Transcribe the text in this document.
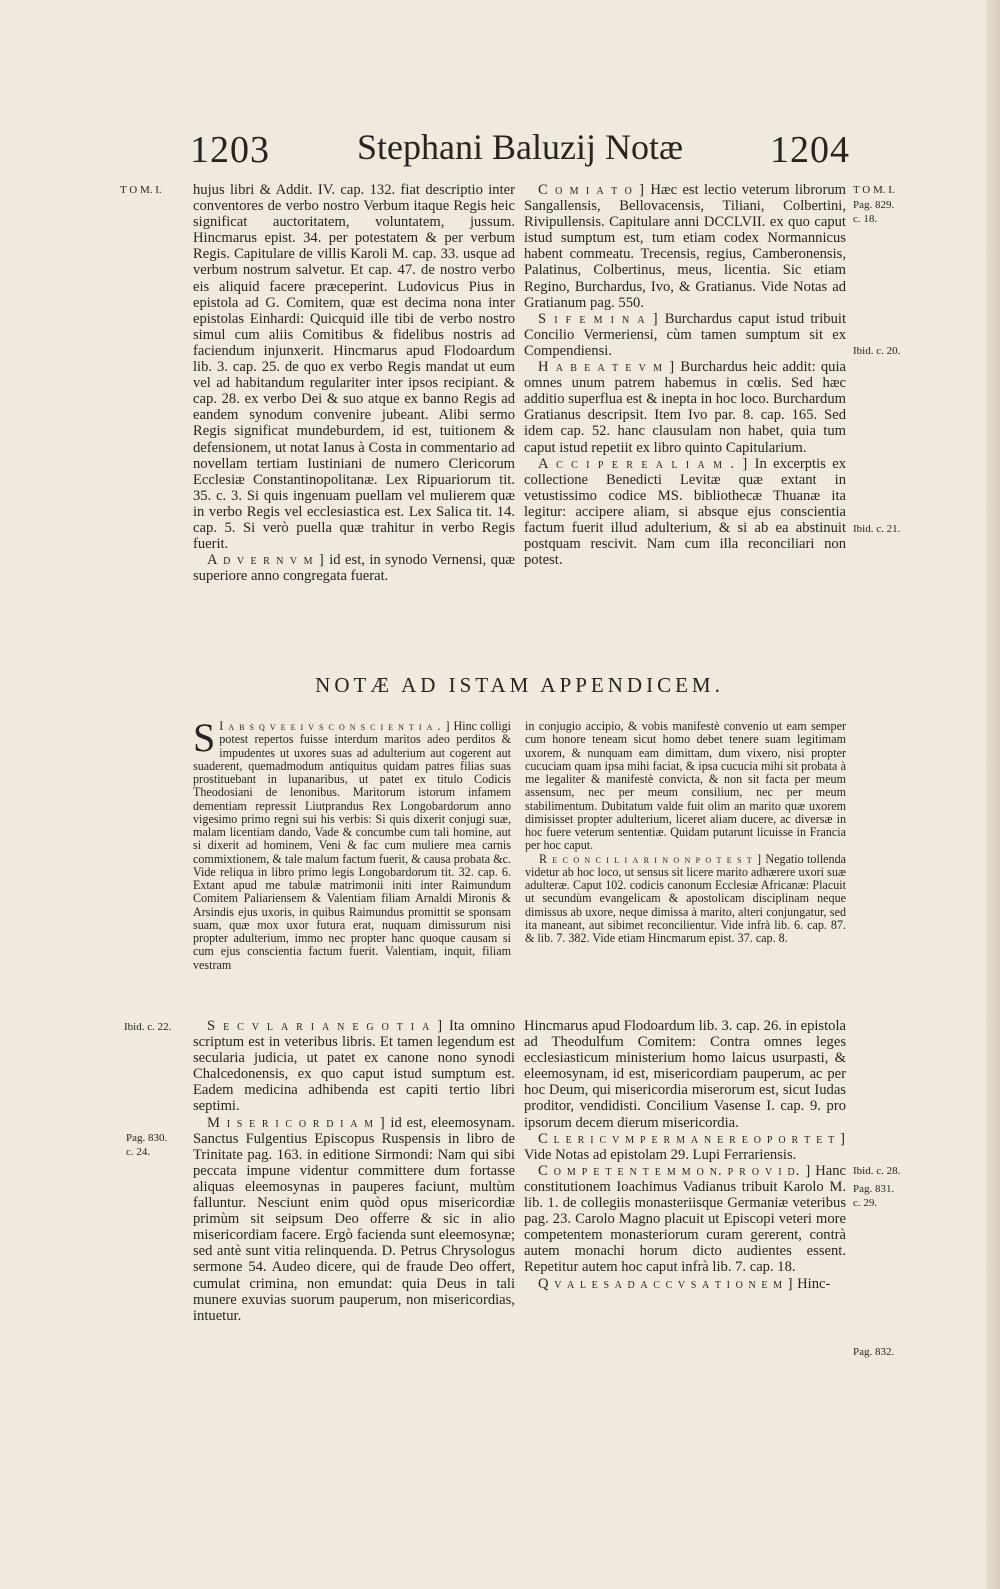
1203	Stephani Baluzij Notæ	1204
T O M. I.	T O M. I.
Pag. 829.
c. 18.
Ibid. c. 20.
Ibid. c. 21.
Ibid. c. 22.
Pag. 830.
c. 24.
Ibid. c. 28.
Pag. 831.
c. 29.
Pag. 832.

hujus libri & Addit. IV. cap. 132. fiat descriptio inter conventores de verbo nostro Verbum itaque Regis heic significat auctoritatem, voluntatem, jussum. Hincmarus epist. 34. per potestatem & per verbum Regis. Capitulare de villis Karoli M. cap. 33. usque ad verbum nostrum salvetur. Et cap. 47. de nostro verbo eis aliquid facere præceperint. Ludovicus Pius in epistola ad G. Comitem, quæ est decima nona inter epistolas Einhardi: Quicquid ille tibi de verbo nostro simul cum aliis Comitibus & fidelibus nostris ad faciendum injunxerit. Hincmarus apud Flodoardum lib. 3. cap. 25. de quo ex verbo Regis mandat ut eum vel ad habitandum regulariter inter ipsos recipiant. & cap. 28. ex verbo Dei & suo atque ex banno Regis ad eandem synodum convenire jubeant. Alibi sermo Regis significat mundeburdem, id est, tuitionem & defensionem, ut notat Ianus à Costa in commentario ad novellam tertiam Iustiniani de numero Clericorum Ecclesiæ Constantinopolitanæ. Lex Ripuariorum tit. 35. c. 3. Si quis ingenuam puellam vel mulierem quæ in verbo Regis vel ecclesiastica est. Lex Salica tit. 14. cap. 5. Si verò puella quæ trahitur in verbo Regis fuerit.

A d v e r n v m ] id est, in synodo Vernensi, quæ superiore anno congregata fuerat.

C o m i a t o ] Hæc est lectio veterum librorum Sangallensis, Bellovacensis, Tiliani, Colbertini, Rivipullensis. Capitulare anni DCCLVII. ex quo caput istud sumptum est, tum etiam codex Normannicus habent commeatu. Trecensis, regius, Camberonensis, Palatinus, Colbertinus, meus, licentia. Sic etiam Regino, Burchardus, Ivo, & Gratianus. Vide Notas ad Gratianum pag. 550.

S i f e m i n a ] Burchardus caput istud tribuit Concilio Vermeriensi, cùm tamen sumptum sit ex Compendiensi.

H a b e a t e v m ] Burchardus heic addit: quia omnes unum patrem habemus in cœlis. Sed hæc additio superflua est & inepta in hoc loco. Burchardum Gratianus descripsit. Item Ivo par. 8. cap. 165. Sed idem cap. 52. hanc clausulam non habet, quia tum caput istud repetiit ex libro quinto Capitularium.

A c c i p e r e a l i a m . ] In excerptis ex collectione Benedicti Levitæ quæ extant in vetustissimo codice MS. bibliothecæ Thuanæ ita legitur: accipere aliam, si absque ejus conscientia factum fuerit illud adulterium, & si ab ea abstinuit postquam rescivit. Nam cum illa reconciliari non potest.

NOTÆ AD ISTAM APPENDICEM.

S I a b s q v e e i v s c o n s c i e n t i a . ] Hinc colligi potest repertos fuisse interdum maritos adeo perditos & impudentes ut uxores suas ad adulterium aut cogerent aut suaderent, quemadmodum antiquitus quidam patres filias suas prostituebant in lupanaribus, ut patet ex titulo Codicis Theodosiani de lenonibus. Maritorum istorum infamem dementiam repressit Liutprandus Rex Longobardorum anno vigesimo primo regni sui his verbis: Si quis dixerit conjugi suæ, malam licentiam dando, Vade & concumbe cum tali homine, aut si dixerit ad hominem, Veni & fac cum muliere mea carnis commixtionem, & tale malum factum fuerit, & causa probata &c. Vide reliqua in libro primo legis Longobardorum tit. 32. cap. 6. Extant apud me tabulæ matrimonii initi inter Raimundum Comitem Paliariensem & Valentiam filiam Arnaldi Mironis & Arsindis ejus uxoris, in quibus Raimundus promittit se sponsam suam, quæ mox uxor futura erat, nuquam dimissurum nisi propter adulterium, immo nec propter hanc quoque causam si cum ejus conscientia factum fuerit. Valentiam, inquit, filiam vestram

in conjugio accipio, & vobis manifestè convenio ut eam semper cum honore teneam sicut homo debet tenere suam legitimam uxorem, & nunquam eam dimittam, dum vixero, nisi propter cucuciam quam ipsa mihi faciat, & ipsa cucucia mihi sit probata à me legaliter & manifestè convicta, & non sit facta per meum assensum, nec per meum consilium, nec per meum stabilimentum. Dubitatum valde fuit olim an marito quæ uxorem dimisisset propter adulterium, liceret aliam ducere, ac diversæ in hoc fuere veterum sententiæ. Quidam putarunt licuisse in Francia per hoc caput.

R e c o n c i l i a r i n o n p o t e s t ] Negatio tollenda videtur ab hoc loco, ut sensus sit licere marito adhærere uxori suæ adulteræ. Caput 102. codicis canonum Ecclesiæ Africanæ: Placuit ut secundùm evangelicam & apostolicam disciplinam neque dimissus ab uxore, neque dimissa à marito, alteri conjungatur, sed ita maneant, aut sibimet reconcilientur. Vide infrà lib. 6. cap. 87. & lib. 7. 382. Vide etiam Hincmarum epist. 37. cap. 8.

S e c v l a r i a n e g o t i a ] Ita omnino scriptum est in veteribus libris. Et tamen legendum est secularia judicia, ut patet ex canone nono synodi Chalcedonensis, ex quo caput istud sumptum est. Eadem medicina adhibenda est capiti tertio libri septimi.

M i s e r i c o r d i a m ] id est, eleemosynam. Sanctus Fulgentius Episcopus Ruspensis in libro de Trinitate pag. 163. in editione Sirmondi: Nam qui sibi peccata impune videntur committere dum fortasse aliquas eleemosynas in pauperes faciunt, multùm falluntur. Nesciunt enim quòd opus misericordiæ primùm sit seipsum Deo offerre & sic in alio misericordiam facere. Ergò facienda sunt eleemosynæ; sed antè sunt vitia relinquenda. D. Petrus Chrysologus sermone 54. Audeo dicere, qui de fraude Deo offert, cumulat crimina, non emundat: quia Deus in tali munere exuvias suorum pauperum, non misericordias, intuetur.

Hincmarus apud Flodoardum lib. 3. cap. 26. in epistola ad Theodulfum Comitem: Contra omnes leges ecclesiasticum ministerium homo laicus usurpasti, & eleemosynam, id est, misericordiam pauperum, ac per hoc Deum, qui misericordia miserorum est, sicut Iudas proditor, vendidisti. Concilium Vasense I. cap. 9. pro ipsorum decem dierum misericordia.

C l e r i c v m p e r m a n e r e o p o r t e t ] Vide Notas ad epistolam 29. Lupi Ferrariensis.

C o m p e t e n t e m m o n. p r o v i d. ] Hanc constitutionem Ioachimus Vadianus tribuit Karolo M. lib. 1. de collegiis monasteriisque Germaniæ veteribus pag. 23. Carolo Magno placuit ut Episcopi veteri more competentem monasteriorum curam gererent, contrà autem monachi horum dicto audientes essent. Repetitur autem hoc caput infrà lib. 7. cap. 18.

Q v a l e s a d a c c v s a t i o n e m ] Hinc-
